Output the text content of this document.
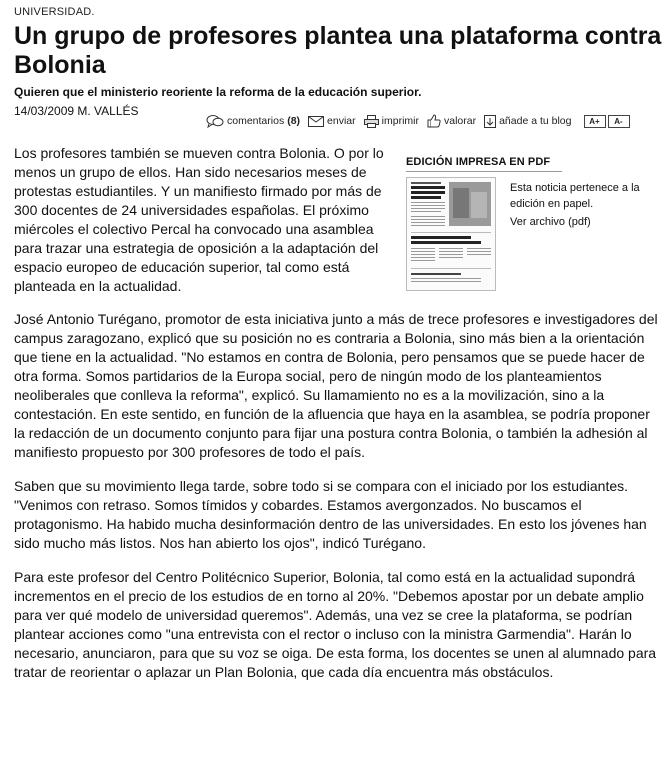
UNIVERSIDAD.
Un grupo de profesores plantea una plataforma contra Bolonia
Quieren que el ministerio reoriente la reforma de la educación superior.
14/03/2009 M. VALLÉS
comentarios (8)	enviar imprimir valorar añade a tu blog	A+	A-

Los profesores también se mueven contra Bolonia. O por lo menos un grupo de ellos. Han sido necesarios meses de protestas estudiantiles. Y un manifiesto firmado por más de 300 docentes de 24 universidades españolas. El próximo miércoles el colectivo Percal ha convocado una asamblea para trazar una estrategia de oposición a la adaptación del espacio europeo de educación superior, tal como está planteada en la actualidad.

EDICIÓN IMPRESA EN PDF
Esta noticia pertenece a la edición en papel.
Ver archivo (pdf)

José Antonio Turégano, promotor de esta iniciativa junto a más de trece profesores e investigadores del campus zaragozano, explicó que su posición no es contraria a Bolonia, sino más bien a la orientación que tiene en la actualidad. "No estamos en contra de Bolonia, pero pensamos que se puede hacer de otra forma. Somos partidarios de la Europa social, pero de ningún modo de los planteamientos neoliberales que conlleva la reforma", explicó. Su llamamiento no es a la movilización, sino a la contestación. En este sentido, en función de la afluencia que haya en la asamblea, se podría proponer la redacción de un documento conjunto para fijar una postura contra Bolonia, o también la adhesión al manifiesto propuesto por 300 profesores de todo el país.

Saben que su movimiento llega tarde, sobre todo si se compara con el iniciado por los estudiantes. "Venimos con retraso. Somos tímidos y cobardes. Estamos avergonzados. No buscamos el protagonismo. Ha habido mucha desinformación dentro de las universidades. En esto los jóvenes han sido mucho más listos. Nos han abierto los ojos", indicó Turégano.

Para este profesor del Centro Politécnico Superior, Bolonia, tal como está en la actualidad supondrá incrementos en el precio de los estudios de en torno al 20%. "Debemos apostar por un debate amplio para ver qué modelo de universidad queremos". Además, una vez se cree la plataforma, se podrían plantear acciones como "una entrevista con el rector o incluso con la ministra Garmendia". Harán lo necesario, anunciaron, para que su voz se oiga. De esta forma, los docentes se unen al alumnado para tratar de reorientar o aplazar un Plan Bolonia, que cada día encuentra más obstáculos.
